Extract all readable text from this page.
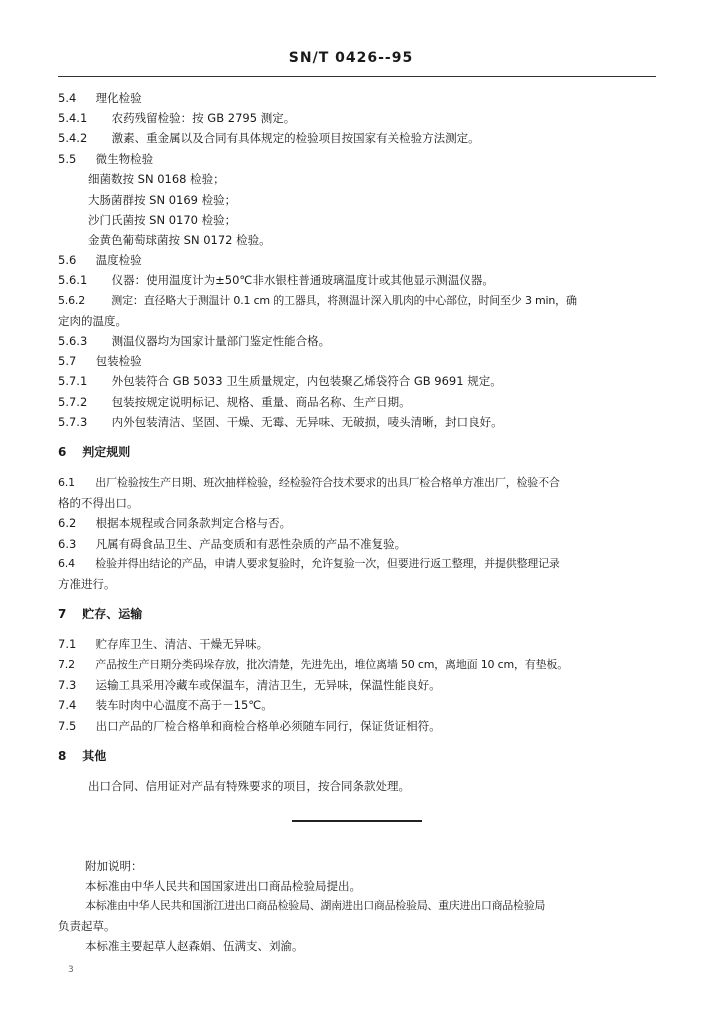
SN/T 0426--95
5.4 理化检验
5.4.1 农药残留检验：按 GB 2795 测定。
5.4.2 激素、重金属以及合同有具体规定的检验项目按国家有关检验方法测定。
5.5 微生物检验
细菌数按 SN 0168 检验；
大肠菌群按 SN 0169 检验；
沙门氏菌按 SN 0170 检验；
金黄色葡萄球菌按 SN 0172 检验。
5.6 温度检验
5.6.1 仪器：使用温度计为±50℃非水银柱普通玻璃温度计或其他显示测温仪器。
5.6.2 测定：直径略大于测温计 0.1 cm 的工器具，将测温计深入肌肉的中心部位，时间至少 3 min，确
定肉的温度。
5.6.3 测温仪器均为国家计量部门鉴定性能合格。
5.7 包装检验
5.7.1 外包装符合 GB 5033 卫生质量规定，内包装聚乙烯袋符合 GB 9691 规定。
5.7.2 包装按规定说明标记、规格、重量、商品名称、生产日期。
5.7.3 内外包装清洁、坚固、干燥、无霉、无异味、无破损，唛头清晰，封口良好。
6 判定规则
6.1 出厂检验按生产日期、班次抽样检验，经检验符合技术要求的出具厂检合格单方准出厂，检验不合
格的不得出口。
6.2 根据本规程或合同条款判定合格与否。
6.3 凡属有碍食品卫生、产品变质和有恶性杂质的产品不准复验。
6.4 检验并得出结论的产品，申请人要求复验时，允许复验一次，但要进行返工整理，并提供整理记录
方准进行。
7 贮存、运输
7.1 贮存库卫生、清洁、干燥无异味。
7.2 产品按生产日期分类码垛存放，批次清楚，先进先出，堆位离墙 50 cm，离地面 10 cm，有垫板。
7.3 运输工具采用冷藏车或保温车，清洁卫生，无异味，保温性能良好。
7.4 装车时肉中心温度不高于－15℃。
7.5 出口产品的厂检合格单和商检合格单必须随车同行，保证货证相符。
8 其他
出口合同、信用证对产品有特殊要求的项目，按合同条款处理。
附加说明：
本标准由中华人民共和国国家进出口商品检验局提出。
本标准由中华人民共和国浙江进出口商品检验局、湖南进出口商品检验局、重庆进出口商品检验局
负责起草。
本标准主要起草人赵森娟、伍满支、刘渝。
3
